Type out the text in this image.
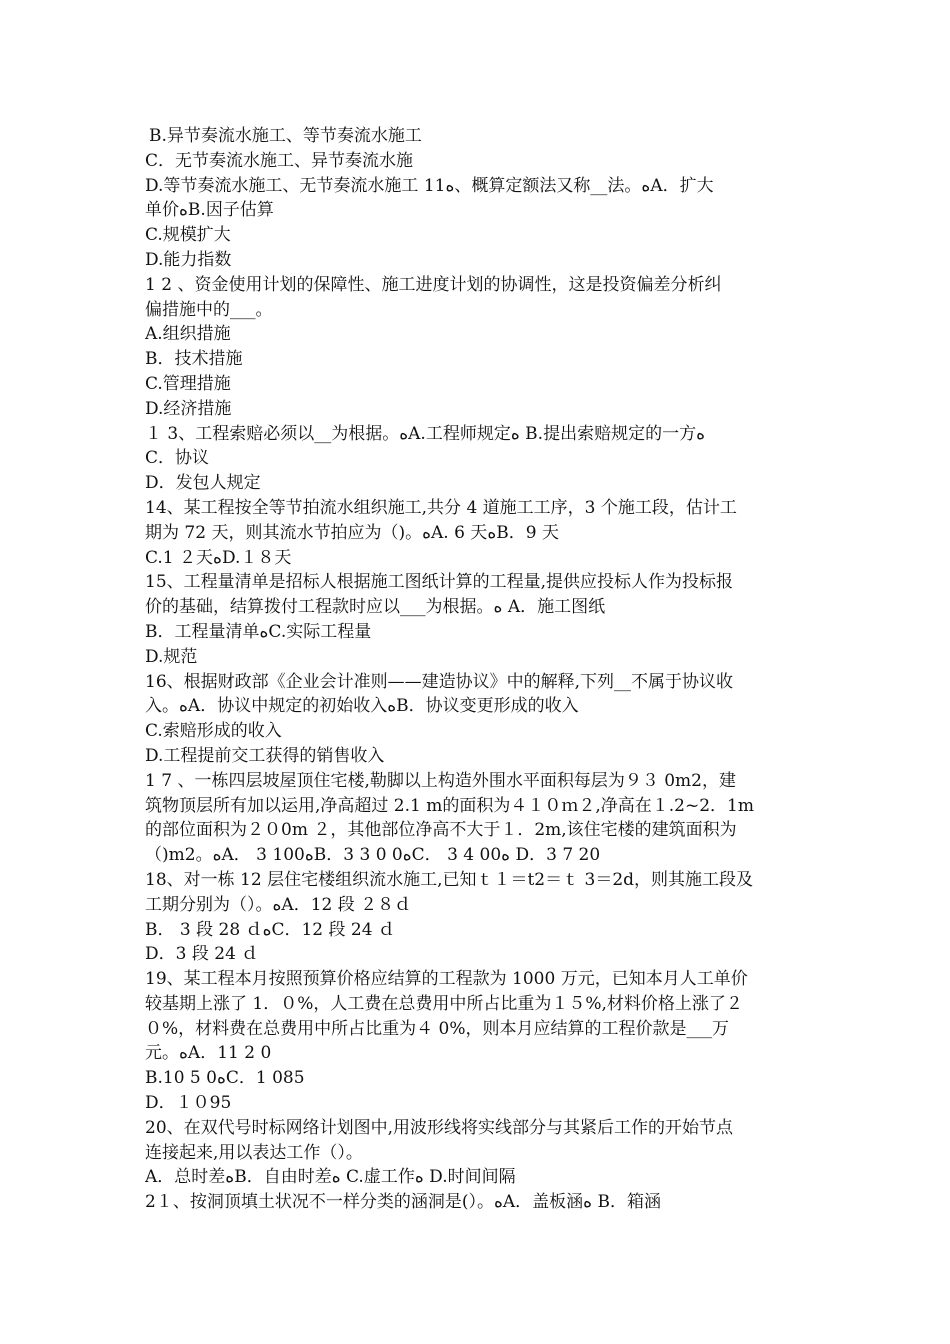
B.异节奏流水施工、等节奏流水施工
C．无节奏流水施工、异节奏流水施
D.等节奏流水施工、无节奏流水施工 11ﻩ、概算定额法又称__法。ﻩA．扩大
单价ﻩB.因子估算
C.规模扩大
D.能力指数
1 2 、资金使用计划的保障性、施工进度计划的协调性，这是投资偏差分析纠
偏措施中的___。
A.组织措施
B．技术措施
C.管理措施
D.经济措施
１ 3、工程索赔必须以__为根据。ﻩA.工程师规定ﻩ B.提出索赔规定的一方ﻩ
C．协议
D．发包人规定
14、某工程按全等节拍流水组织施工,共分 4 道施工工序，3 个施工段，估计工
期为 72 天，则其流水节拍应为（)。ﻩA. 6 天ﻩB．9 天
C.1 ２天ﻩD.１８天
15、工程量清单是招标人根据施工图纸计算的工程量,提供应投标人作为投标报
价的基础，结算拨付工程款时应以___为根据。ﻩ A．施工图纸
B．工程量清单ﻩC.实际工程量
D.规范
16、根据财政部《企业会计准则——建造协议》中的解释,下列__不属于协议收
入。ﻩA．协议中规定的初始收入ﻩB．协议变更形成的收入
C.索赔形成的收入
D.工程提前交工获得的销售收入
1 7 、一栋四层坡屋顶住宅楼,勒脚以上构造外围水平面积每层为９３ 0m2，建
筑物顶层所有加以运用,净高超过 2.1 m的面积为４１０ｍ２,净高在１.2~2．1m
的部位面积为２０0m ２，其他部位净高不大于１．2m,该住宅楼的建筑面积为
（)m2。ﻩA． 3 100ﻩB．3 3 0 0ﻩC． 3 4 00ﻩ D．3 7 20
18、对一栋 12 层住宅楼组织流水施工,已知ｔ１＝t2＝ｔ 3＝2d，则其施工段及
工期分别为（）。ﻩA．12 段 ２８ｄ
B． 3 段 28 ｄﻩC．12 段 24 ｄ
D．3 段 24 ｄ
19、某工程本月按照预算价格应结算的工程款为 1000 万元，已知本月人工单价
较基期上涨了 1．０%，人工费在总费用中所占比重为１５%,材料价格上涨了２
０%，材料费在总费用中所占比重为４ 0%，则本月应结算的工程价款是___万
元。ﻩA．11 2 0
B.10 5 0ﻩC．1 085
D．１０95
20、在双代号时标网络计划图中,用波形线将实线部分与其紧后工作的开始节点
连接起来,用以表达工作（）。
A．总时差ﻩB．自由时差ﻩ C.虚工作ﻩ D.时间间隔
2１、按洞顶填土状况不一样分类的涵洞是(）。ﻩA．盖板涵ﻩ B．箱涵
